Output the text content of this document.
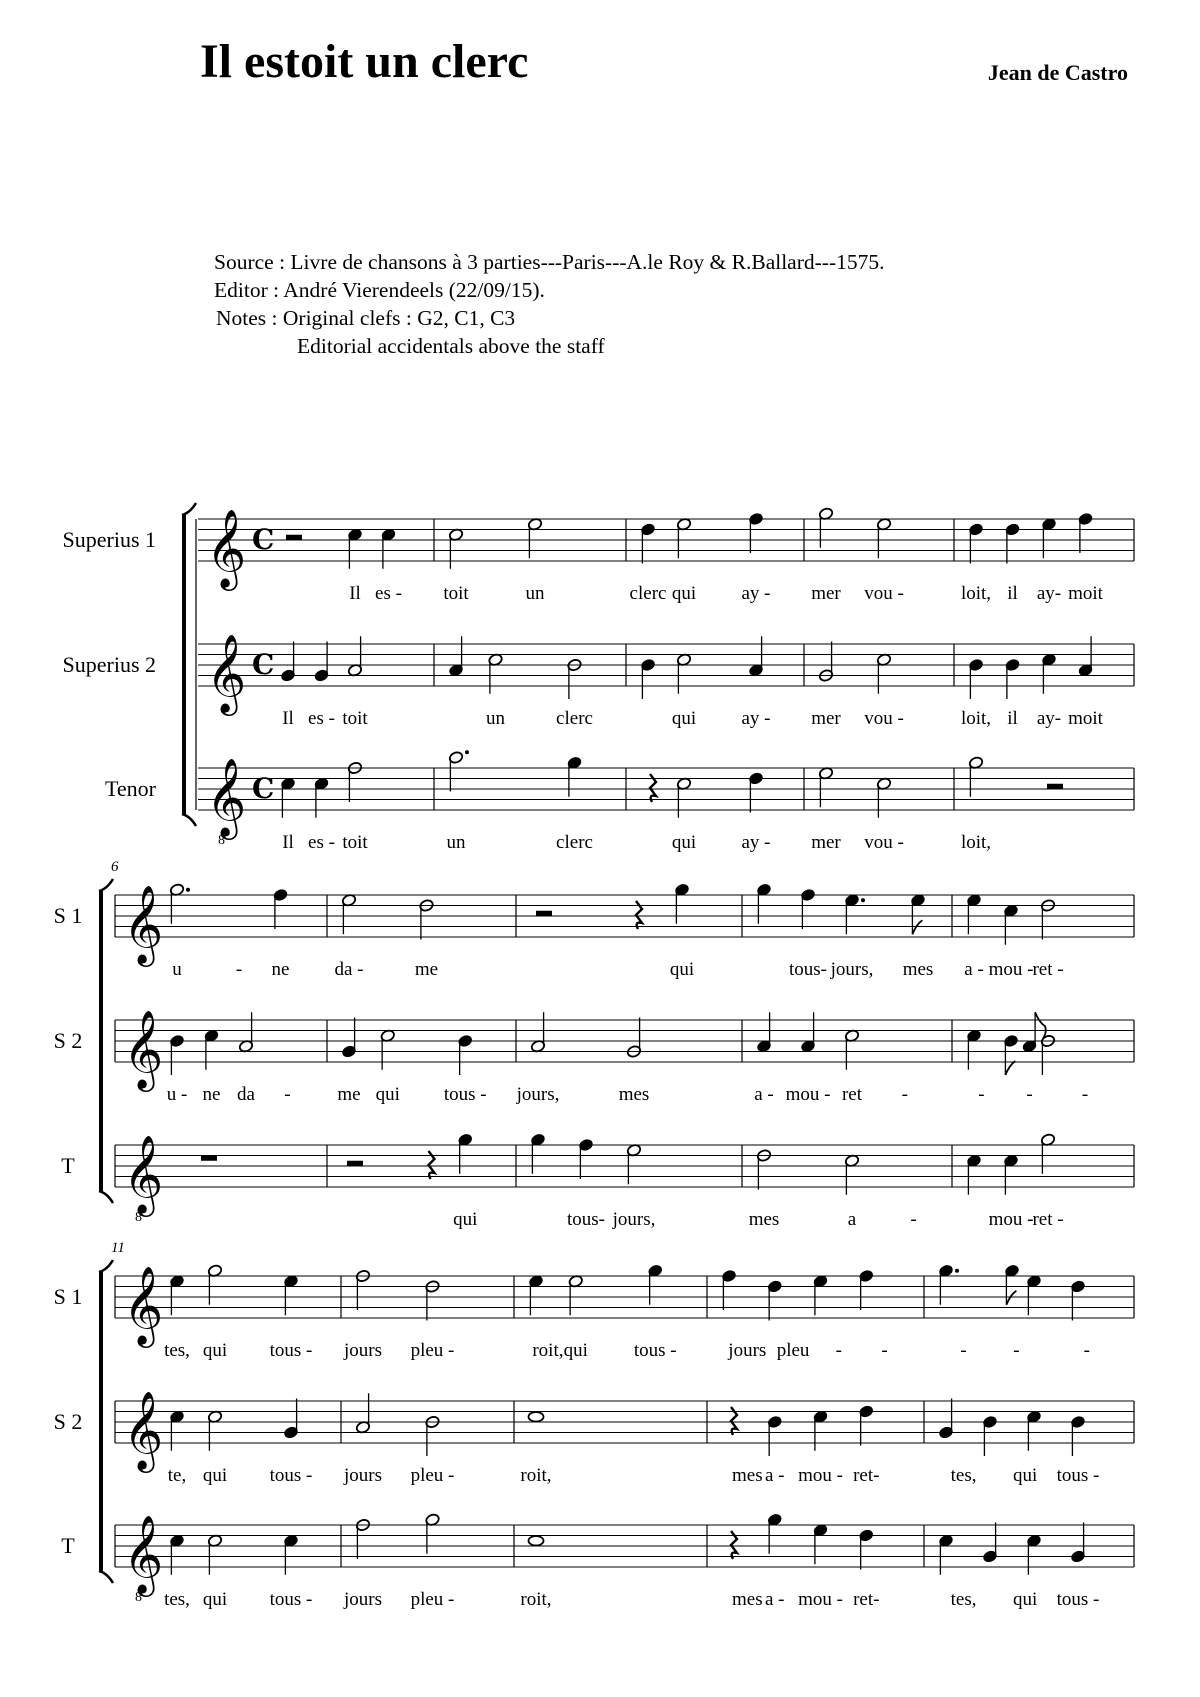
Il estoit un clerc	Jean de Castro
Source : Livre de chansons à 3 parties---Paris---A.le Roy & R.Ballard---1575.
Editor : André Vierendeels (22/09/15).
Notes : Original clefs : G2, C1, C3
Editorial accidentals above the staff
Superius 1 𝄞 C
Il es - toit	un	clerc qui ay - mer vou -	loit, il ay- moit
Superius 2 𝄞 C
Il es - toit	un	clerc	qui ay - mer vou -	loit, il ay- moit
Tenor 𝄞
8
C
Il es - toit	un	clerc	qui ay - mer vou -	loit,
6
S 1 𝄞
u	- ne da -	me	qui	tous- jours, mes a - mou - ret -
S 2 𝄞
u - ne da - me qui tous - jours,	mes	a - mou - ret -	- -	-
T 𝄞
8	qui	tous- jours,	mes	a	-	mou - ret -
11
S 1 𝄞
tes, qui tous - jours pleu -	roit, qui tous -	jours pleu - -	- -	-
S 2 𝄞
te, qui tous - jours pleu -	roit,	mes a - mou - ret-	tes, qui tous -
T 𝄞
8 tes, qui tous - jours pleu -	roit,	mes a - mou - ret-	tes, qui tous -
